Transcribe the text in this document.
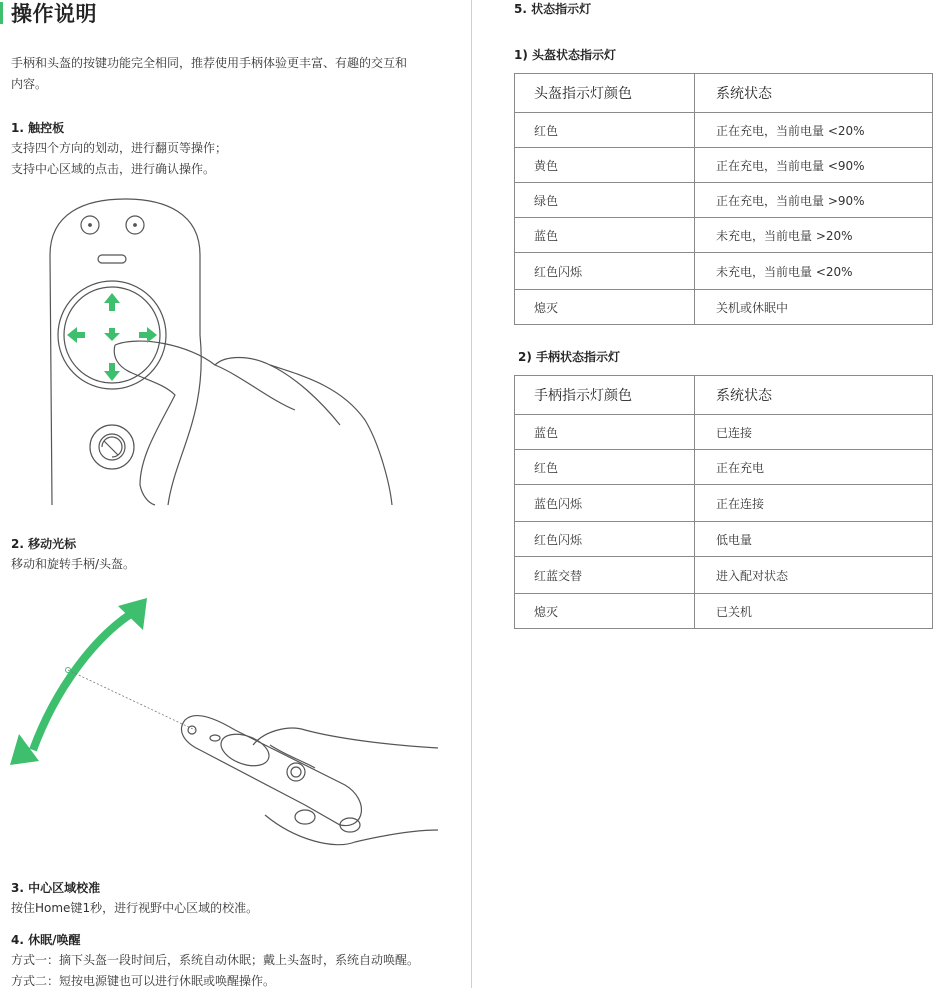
操作说明
手柄和头盔的按键功能完全相同，推荐使用手柄体验更丰富、有趣的交互和
内容。
1. 触控板
支持四个方向的划动，进行翻页等操作；
支持中心区域的点击，进行确认操作。
2. 移动光标
移动和旋转手柄/头盔。
3. 中心区域校准
按住Home键1秒，进行视野中心区域的校准。
4. 休眠/唤醒
方式一：摘下头盔一段时间后，系统自动休眠；戴上头盔时，系统自动唤醒。
方式二：短按电源键也可以进行休眠或唤醒操作。
5. 状态指示灯
1) 头盔状态指示灯
头盔指示灯颜色	系统状态
红色	正在充电，当前电量 <20%
黄色	正在充电，当前电量 <90%
绿色	正在充电，当前电量 >90%
蓝色	未充电，当前电量 >20%
红色闪烁	未充电，当前电量 <20%
熄灭	关机或休眠中
2) 手柄状态指示灯
手柄指示灯颜色	系统状态
蓝色	已连接
红色	正在充电
蓝色闪烁	正在连接
红色闪烁	低电量
红蓝交替	进入配对状态
熄灭	已关机
